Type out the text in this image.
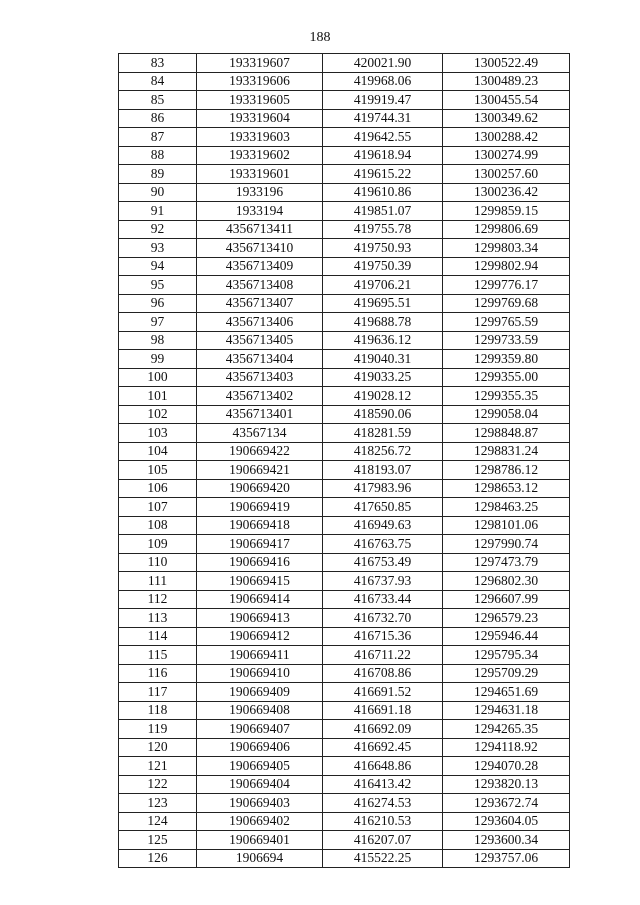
188
83	193319607	420021.90	1300522.49
84	193319606	419968.06	1300489.23
85	193319605	419919.47	1300455.54
86	193319604	419744.31	1300349.62
87	193319603	419642.55	1300288.42
88	193319602	419618.94	1300274.99
89	193319601	419615.22	1300257.60
90	1933196	419610.86	1300236.42
91	1933194	419851.07	1299859.15
92	4356713411	419755.78	1299806.69
93	4356713410	419750.93	1299803.34
94	4356713409	419750.39	1299802.94
95	4356713408	419706.21	1299776.17
96	4356713407	419695.51	1299769.68
97	4356713406	419688.78	1299765.59
98	4356713405	419636.12	1299733.59
99	4356713404	419040.31	1299359.80
100	4356713403	419033.25	1299355.00
101	4356713402	419028.12	1299355.35
102	4356713401	418590.06	1299058.04
103	43567134	418281.59	1298848.87
104	190669422	418256.72	1298831.24
105	190669421	418193.07	1298786.12
106	190669420	417983.96	1298653.12
107	190669419	417650.85	1298463.25
108	190669418	416949.63	1298101.06
109	190669417	416763.75	1297990.74
110	190669416	416753.49	1297473.79
111	190669415	416737.93	1296802.30
112	190669414	416733.44	1296607.99
113	190669413	416732.70	1296579.23
114	190669412	416715.36	1295946.44
115	190669411	416711.22	1295795.34
116	190669410	416708.86	1295709.29
117	190669409	416691.52	1294651.69
118	190669408	416691.18	1294631.18
119	190669407	416692.09	1294265.35
120	190669406	416692.45	1294118.92
121	190669405	416648.86	1294070.28
122	190669404	416413.42	1293820.13
123	190669403	416274.53	1293672.74
124	190669402	416210.53	1293604.05
125	190669401	416207.07	1293600.34
126	1906694	415522.25	1293757.06
